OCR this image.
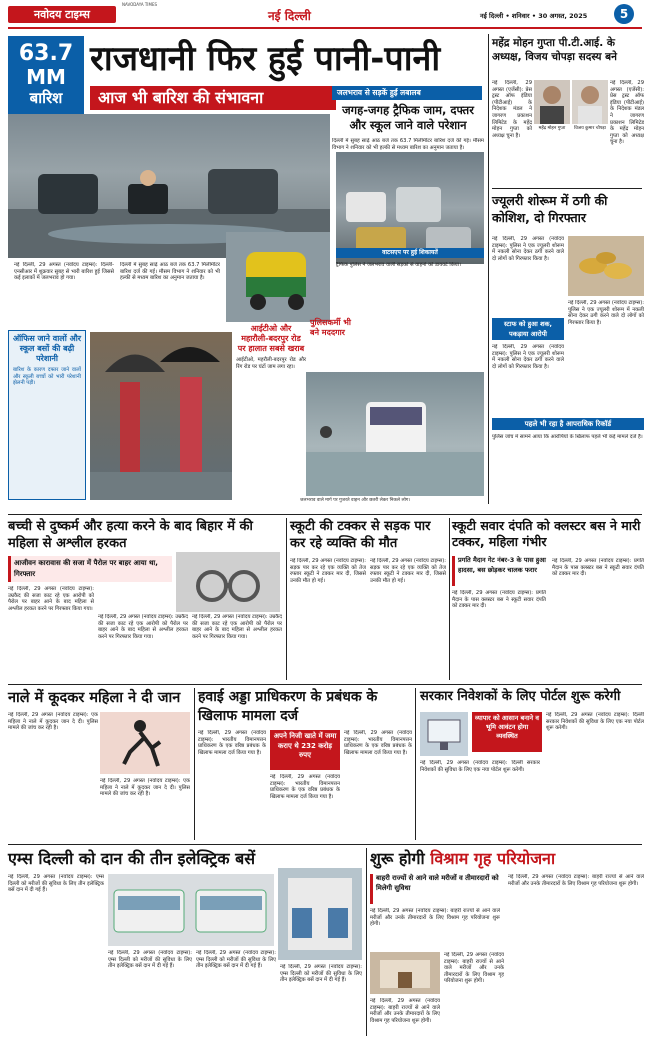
नवोदय टाइम्स
NAVODAYA TIMES
नई दिल्ली	नई दिल्ली • शनिवार • 30 अगस्त, 2025	5
63.7
MM
बारिश
राजधानी फिर हुई पानी-पानी
आज भी बारिश की संभावना	जलभराव से सड़कें हुईं लबालब
जगह-जगह ट्रैफिक जाम, दफ्तर और स्कूल जाने वाले परेशान
दिल्ली में सुबह साढ़े आठ बजे तक 63.7 मिलीमीटर बारिश दर्ज की गई। मौसम विभाग ने शनिवार को भी हल्की से मध्यम बारिश का अनुमान जताया है।
नई दिल्ली, 29 अगस्त (नवोदय टाइम्स): दिल्ली-एनसीआर में शुक्रवार सुबह से भारी बारिश हुई जिससे कई इलाकों में जलभराव हो गया।
दिल्ली में सुबह साढ़े आठ बजे तक 63.7 मिलीमीटर बारिश दर्ज की गई। मौसम विभाग ने शनिवार को भी हल्की से मध्यम बारिश का अनुमान जताया है।
वाटसएप पर हुई शिकायतें
ट्रैफिक पुलिस ने जलभराव वाली सड़कों से वाहनों को डायवर्ट किया।
ऑफिस जाने वालों और स्कूल बसों की बढ़ी परेशानी
बारिश के कारण दफ्तर जाने वालों और स्कूली बच्चों को भारी परेशानी झेलनी पड़ी।
आईटीओ और महारौली-बदरपुर रोड पर हालात सबसे खराब
आईटीओ, महरौली-बदरपुर रोड और रिंग रोड पर घंटों जाम लगा रहा।
पुलिसकर्मी भी बने मददगार
जलभराव वाले मार्ग पर गुजरते वाहन और छतरी लेकर निकले लोग।
महेंद्र मोहन गुप्ता पी.टी.आई. के अध्यक्ष, विजय चोपड़ा सदस्य बने
महेंद्र मोहन गुप्ता	विजय कुमार चोपड़ा
नई दिल्ली, 29 अगस्त (एजेंसी): प्रेस ट्रस्ट ऑफ इंडिया (पीटीआई) के निदेशक मंडल ने जागरण प्रकाशन लिमिटेड के महेंद्र मोहन गुप्ता को अध्यक्ष चुना है।
नई दिल्ली, 29 अगस्त (एजेंसी): प्रेस ट्रस्ट ऑफ इंडिया (पीटीआई) के निदेशक मंडल ने जागरण प्रकाशन लिमिटेड के महेंद्र मोहन गुप्ता को अध्यक्ष चुना है।
ज्यूलरी शोरूम में ठगी की कोशिश, दो गिरफ्तार
नई दिल्ली, 29 अगस्त (नवोदय टाइम्स): पुलिस ने एक ज्यूलरी शोरूम में नकली सोना देकर ठगी करने वाले दो लोगों को गिरफ्तार किया है।
स्टाफ को हुआ शक, पकड़ाया आरोपी
नई दिल्ली, 29 अगस्त (नवोदय टाइम्स): पुलिस ने एक ज्यूलरी शोरूम में नकली सोना देकर ठगी करने वाले दो लोगों को गिरफ्तार किया है।
नई दिल्ली, 29 अगस्त (नवोदय टाइम्स): पुलिस ने एक ज्यूलरी शोरूम में नकली सोना देकर ठगी करने वाले दो लोगों को गिरफ्तार किया है।
पहले भी रहा है आपराधिक रिकॉर्ड
पुलिस जांच में सामने आया कि आरोपियों के खिलाफ पहले भी कई मामले दर्ज हैं।
बच्ची से दुष्कर्म और हत्या करने के बाद बिहार में की महिला से अश्लील हरकत
आजीवन कारावास की सजा में पैरोल पर बाहर आया था, गिरफ्तार
नई दिल्ली, 29 अगस्त (नवोदय टाइम्स): उम्रकैद की सजा काट रहे एक आरोपी को पैरोल पर बाहर आने के बाद महिला से अश्लील हरकत करने पर गिरफ्तार किया गया।
नई दिल्ली, 29 अगस्त (नवोदय टाइम्स): उम्रकैद की सजा काट रहे एक आरोपी को पैरोल पर बाहर आने के बाद महिला से अश्लील हरकत करने पर गिरफ्तार किया गया।
नई दिल्ली, 29 अगस्त (नवोदय टाइम्स): उम्रकैद की सजा काट रहे एक आरोपी को पैरोल पर बाहर आने के बाद महिला से अश्लील हरकत करने पर गिरफ्तार किया गया।
स्कूटी की टक्कर से सड़क पार कर रहे व्यक्ति की मौत
नई दिल्ली, 29 अगस्त (नवोदय टाइम्स): सड़क पार कर रहे एक व्यक्ति को तेज रफ्तार स्कूटी ने टक्कर मार दी, जिससे उनकी मौत हो गई।
नई दिल्ली, 29 अगस्त (नवोदय टाइम्स): सड़क पार कर रहे एक व्यक्ति को तेज रफ्तार स्कूटी ने टक्कर मार दी, जिससे उनकी मौत हो गई।
स्कूटी सवार दंपति को क्लस्टर बस ने मारी टक्कर, महिला गंभीर
प्रगति मैदान गेट नंबर-3 के पास हुआ हादसा, बस छोड़कर चालक फरार
नई दिल्ली, 29 अगस्त (नवोदय टाइम्स): प्रगति मैदान के पास क्लस्टर बस ने स्कूटी सवार दंपति को टक्कर मार दी।
नई दिल्ली, 29 अगस्त (नवोदय टाइम्स): प्रगति मैदान के पास क्लस्टर बस ने स्कूटी सवार दंपति को टक्कर मार दी।
नाले में कूदकर महिला ने दी जान
नई दिल्ली, 29 अगस्त (नवोदय टाइम्स): एक महिला ने नाले में कूदकर जान दे दी। पुलिस मामले की जांच कर रही है।
नई दिल्ली, 29 अगस्त (नवोदय टाइम्स): एक महिला ने नाले में कूदकर जान दे दी। पुलिस मामले की जांच कर रही है।
हवाई अड्डा प्राधिकरण के प्रबंधक के खिलाफ मामला दर्ज
नई दिल्ली, 29 अगस्त (नवोदय टाइम्स): भारतीय विमानपत्तन प्राधिकरण के एक वरिष्ठ प्रबंधक के खिलाफ मामला दर्ज किया गया है।
अपने निजी खाते में जमा कराए थे 232 करोड़ रुपए
नई दिल्ली, 29 अगस्त (नवोदय टाइम्स): भारतीय विमानपत्तन प्राधिकरण के एक वरिष्ठ प्रबंधक के खिलाफ मामला दर्ज किया गया है।
नई दिल्ली, 29 अगस्त (नवोदय टाइम्स): भारतीय विमानपत्तन प्राधिकरण के एक वरिष्ठ प्रबंधक के खिलाफ मामला दर्ज किया गया है।
सरकार निवेशकों के लिए पोर्टल शुरू करेगी
व्यापार को आसान बनाने व भूमि आवंटन होगा व्यवस्थित
नई दिल्ली, 29 अगस्त (नवोदय टाइम्स): दिल्ली सरकार निवेशकों की सुविधा के लिए एक नया पोर्टल शुरू करेगी।
नई दिल्ली, 29 अगस्त (नवोदय टाइम्स): दिल्ली सरकार निवेशकों की सुविधा के लिए एक नया पोर्टल शुरू करेगी।
एम्स दिल्ली को दान की तीन इलेक्ट्रिक बसें
नई दिल्ली, 29 अगस्त (नवोदय टाइम्स): एम्स दिल्ली को मरीजों की सुविधा के लिए तीन इलेक्ट्रिक बसें दान में दी गई हैं।
नई दिल्ली, 29 अगस्त (नवोदय टाइम्स): एम्स दिल्ली को मरीजों की सुविधा के लिए तीन इलेक्ट्रिक बसें दान में दी गई हैं।
नई दिल्ली, 29 अगस्त (नवोदय टाइम्स): एम्स दिल्ली को मरीजों की सुविधा के लिए तीन इलेक्ट्रिक बसें दान में दी गई हैं।	नई दिल्ली, 29 अगस्त (नवोदय टाइम्स): एम्स दिल्ली को मरीजों की सुविधा के लिए तीन इलेक्ट्रिक बसें दान में दी गई हैं।
शुरू होगी विश्राम गृह परियोजना
बाहरी राज्यों से आने वाले मरीजों व तीमारदारों को मिलेगी सुविधा
नई दिल्ली, 29 अगस्त (नवोदय टाइम्स): बाहरी राज्यों से आने वाले मरीजों और उनके तीमारदारों के लिए विश्राम गृह परियोजना शुरू होगी।
नई दिल्ली, 29 अगस्त (नवोदय टाइम्स): बाहरी राज्यों से आने वाले मरीजों और उनके तीमारदारों के लिए विश्राम गृह परियोजना शुरू होगी।
नई दिल्ली, 29 अगस्त (नवोदय टाइम्स): बाहरी राज्यों से आने वाले मरीजों और उनके तीमारदारों के लिए विश्राम गृह परियोजना शुरू होगी।
नई दिल्ली, 29 अगस्त (नवोदय टाइम्स): बाहरी राज्यों से आने वाले मरीजों और उनके तीमारदारों के लिए विश्राम गृह परियोजना शुरू होगी।
